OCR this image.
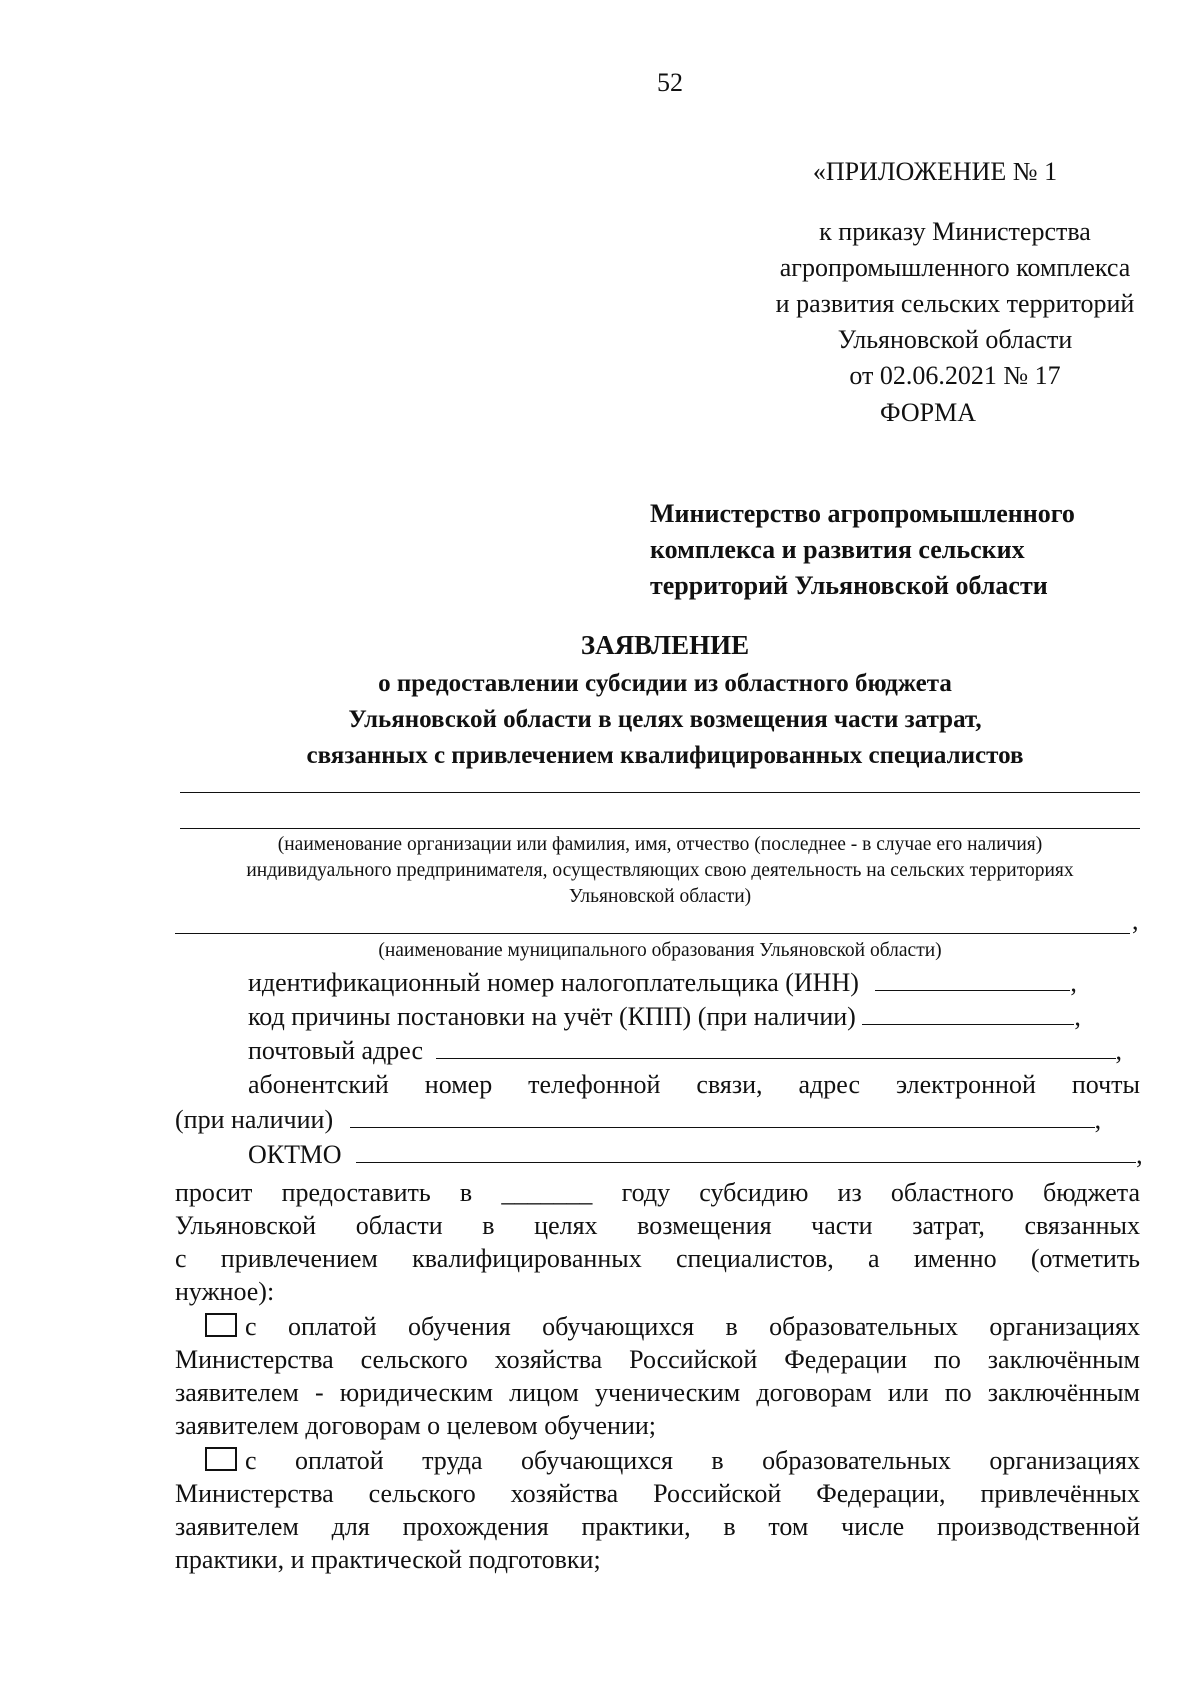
52
«ПРИЛОЖЕНИЕ № 1
к приказу Министерства
агропромышленного комплекса
и развития сельских территорий
Ульяновской области
от 02.06.2021 № 17
ФОРМА
Министерство агропромышленного
комплекса и развития сельских
территорий Ульяновской области
ЗАЯВЛЕНИЕ
о предоставлении субсидии из областного бюджета
Ульяновской области в целях возмещения части затрат,
связанных с привлечением квалифицированных специалистов
(наименование организации или фамилия, имя, отчество (последнее - в случае его наличия)
индивидуального предпринимателя, осуществляющих свою деятельность на сельских территориях
Ульяновской области)
,
(наименование муниципального образования Ульяновской области)
идентификационный номер налогоплательщика (ИНН)	,
код причины постановки на учёт (КПП) (при наличии)	,
почтовый адрес	,
абонентский номер телефонной связи, адрес электронной почты
(при наличии)	,
ОКТМО	,
просит предоставить в _______ году субсидию из областного бюджета
Ульяновской области в целях возмещения части затрат, связанных
с привлечением квалифицированных специалистов, а именно (отметить
нужное):
с оплатой обучения обучающихся в образовательных организациях
Министерства сельского хозяйства Российской Федерации по заключённым
заявителем - юридическим лицом ученическим договорам или по заключённым
заявителем договорам о целевом обучении;
с оплатой труда обучающихся в образовательных организациях
Министерства сельского хозяйства Российской Федерации, привлечённых
заявителем для прохождения практики, в том числе производственной
практики, и практической подготовки;
